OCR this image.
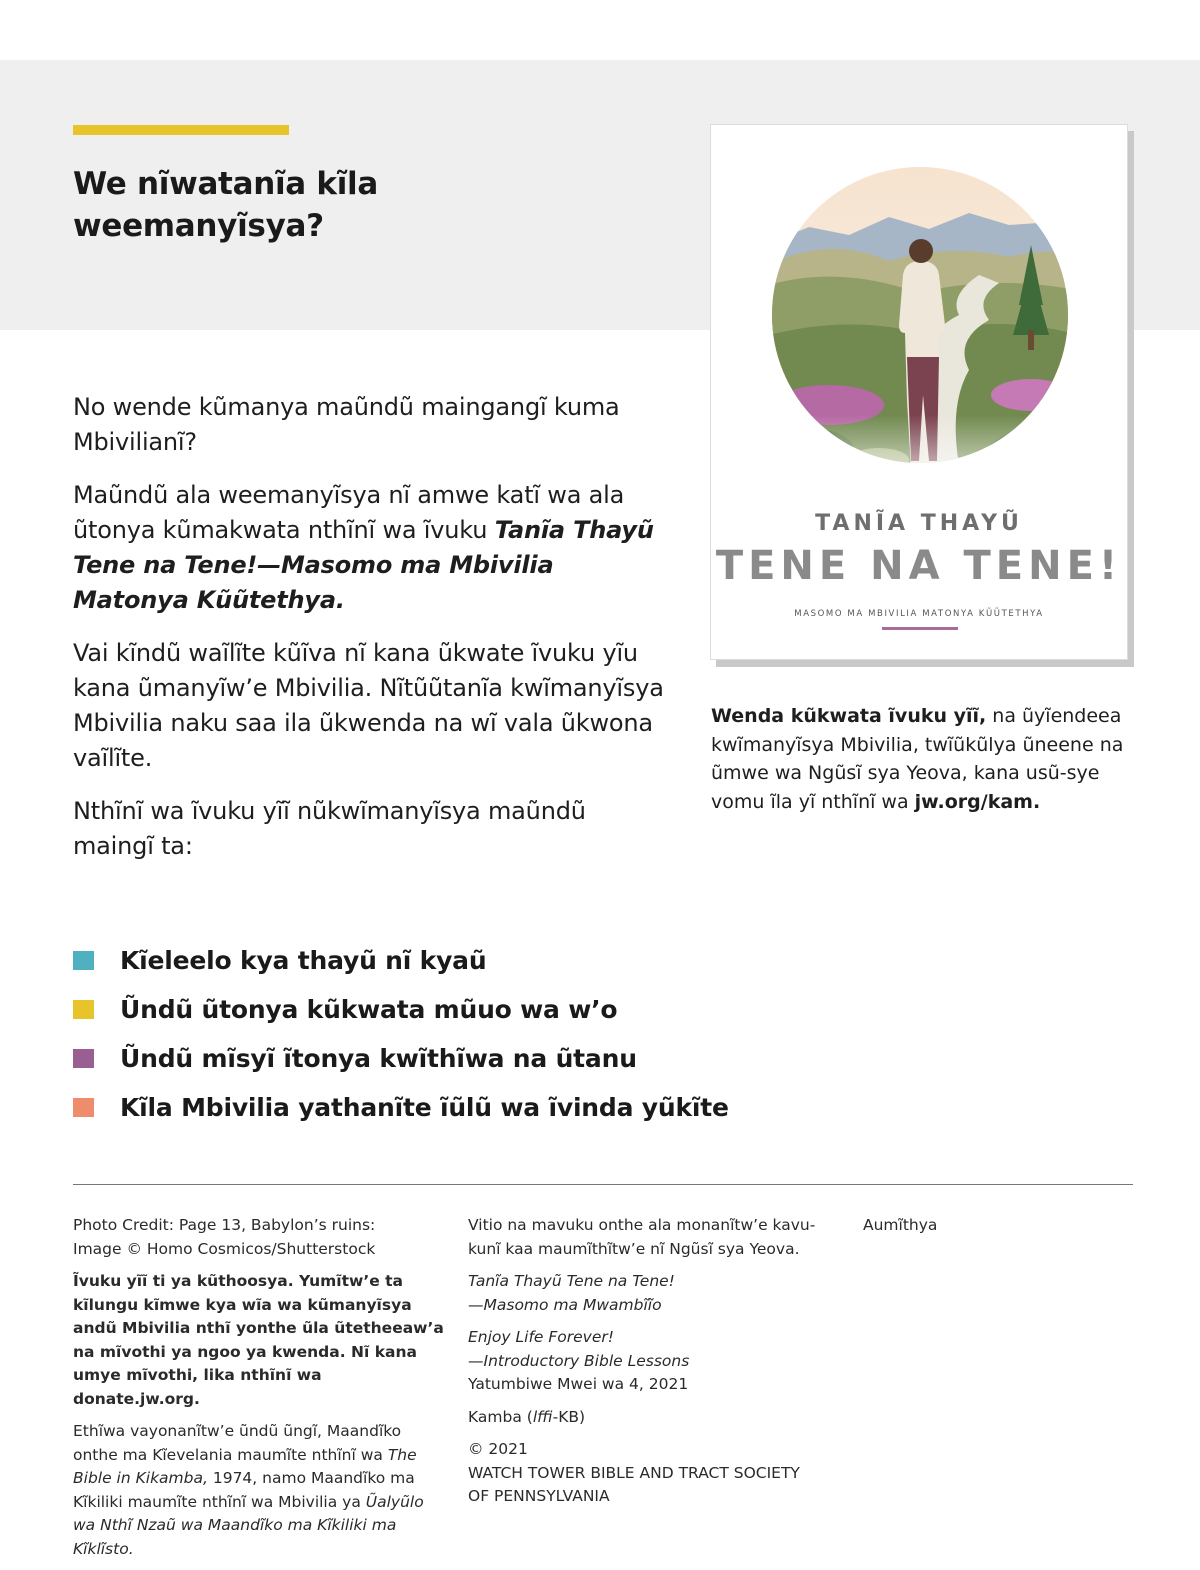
We nĩwatanĩa kĩla
weemanyĩsya?

No wende kũmanya maũndũ maingangĩ kuma Mbivilianĩ?

Maũndũ ala weemanyĩsya nĩ amwe katĩ wa ala ũtonya kũmakwata nthĩnĩ wa ĩvuku Tanĩa Thayũ Tene na Tene!—Masomo ma Mbivilia Matonya Kũũtethya.

Vai kĩndũ waĩlĩte kũĩva nĩ kana ũkwate ĩvuku yĩu kana ũmanyĩw’e Mbivilia. Nĩtũũtanĩa kwĩmanyĩsya Mbivilia naku saa ila ũkwenda na wĩ vala ũkwona vaĩlĩte.

Nthĩnĩ wa ĩvuku yĩĩ nũkwĩmanyĩsya maũndũ maingĩ ta:

Kĩeleelo kya thayũ nĩ kyaũ
Ũndũ ũtonya kũkwata mũuo wa w’o
Ũndũ mĩsyĩ ĩtonya kwĩthĩwa na ũtanu
Kĩla Mbivilia yathanĩte ĩũlũ wa ĩvinda yũkĩte
TANĨA THAYŨ
TENE NA TENE!
MASOMO MA MBIVILIA MATONYA KŨŨTETHYA
Wenda kũkwata ĩvuku yĩĩ, na ũyĩendeea kwĩmanyĩsya Mbivilia, twĩũkũlya ũneene na ũmwe wa Ngũsĩ sya Yeova, kana usũ-sye vomu ĩla yĩ nthĩnĩ wa jw.org/kam.

Photo Credit: Page 13, Babylon’s ruins:
Image © Homo Cosmicos/Shutterstock

Ĩvuku yĩĩ ti ya kũthoosya. Yumĩtw’e ta kĩlungu kĩmwe kya wĩa wa kũmanyĩsya andũ Mbivilia nthĩ yonthe ũla ũtetheeaw’a na mĩvothi ya ngoo ya kwenda. Nĩ kana umye mĩvothi, lika nthĩnĩ wa donate.jw.org.

Ethĩwa vayonanĩtw’e ũndũ ũngĩ, Maandĩko onthe ma Kĩevelania maumĩte nthĩnĩ wa The Bible in Kikamba, 1974, namo Maandĩko ma Kĩkiliki maumĩte nthĩnĩ wa Mbivilia ya Ũalyũlo wa Nthĩ Nzaũ wa Maandĩko ma Kĩkiliki ma Kĩklĩsto.

Vitio na mavuku onthe ala monanĩtw’e kavu-kunĩ kaa maumĩthĩtw’e nĩ Ngũsĩ sya Yeova.

Tanĩa Thayũ Tene na Tene!
—Masomo ma Mwambĩĩo

Enjoy Life Forever!
—Introductory Bible Lessons
Yatumbiwe Mwei wa 4, 2021

Kamba (lffi-KB)

© 2021
WATCH TOWER BIBLE AND TRACT SOCIETY
OF PENNSYLVANIA

Aumĩthya
